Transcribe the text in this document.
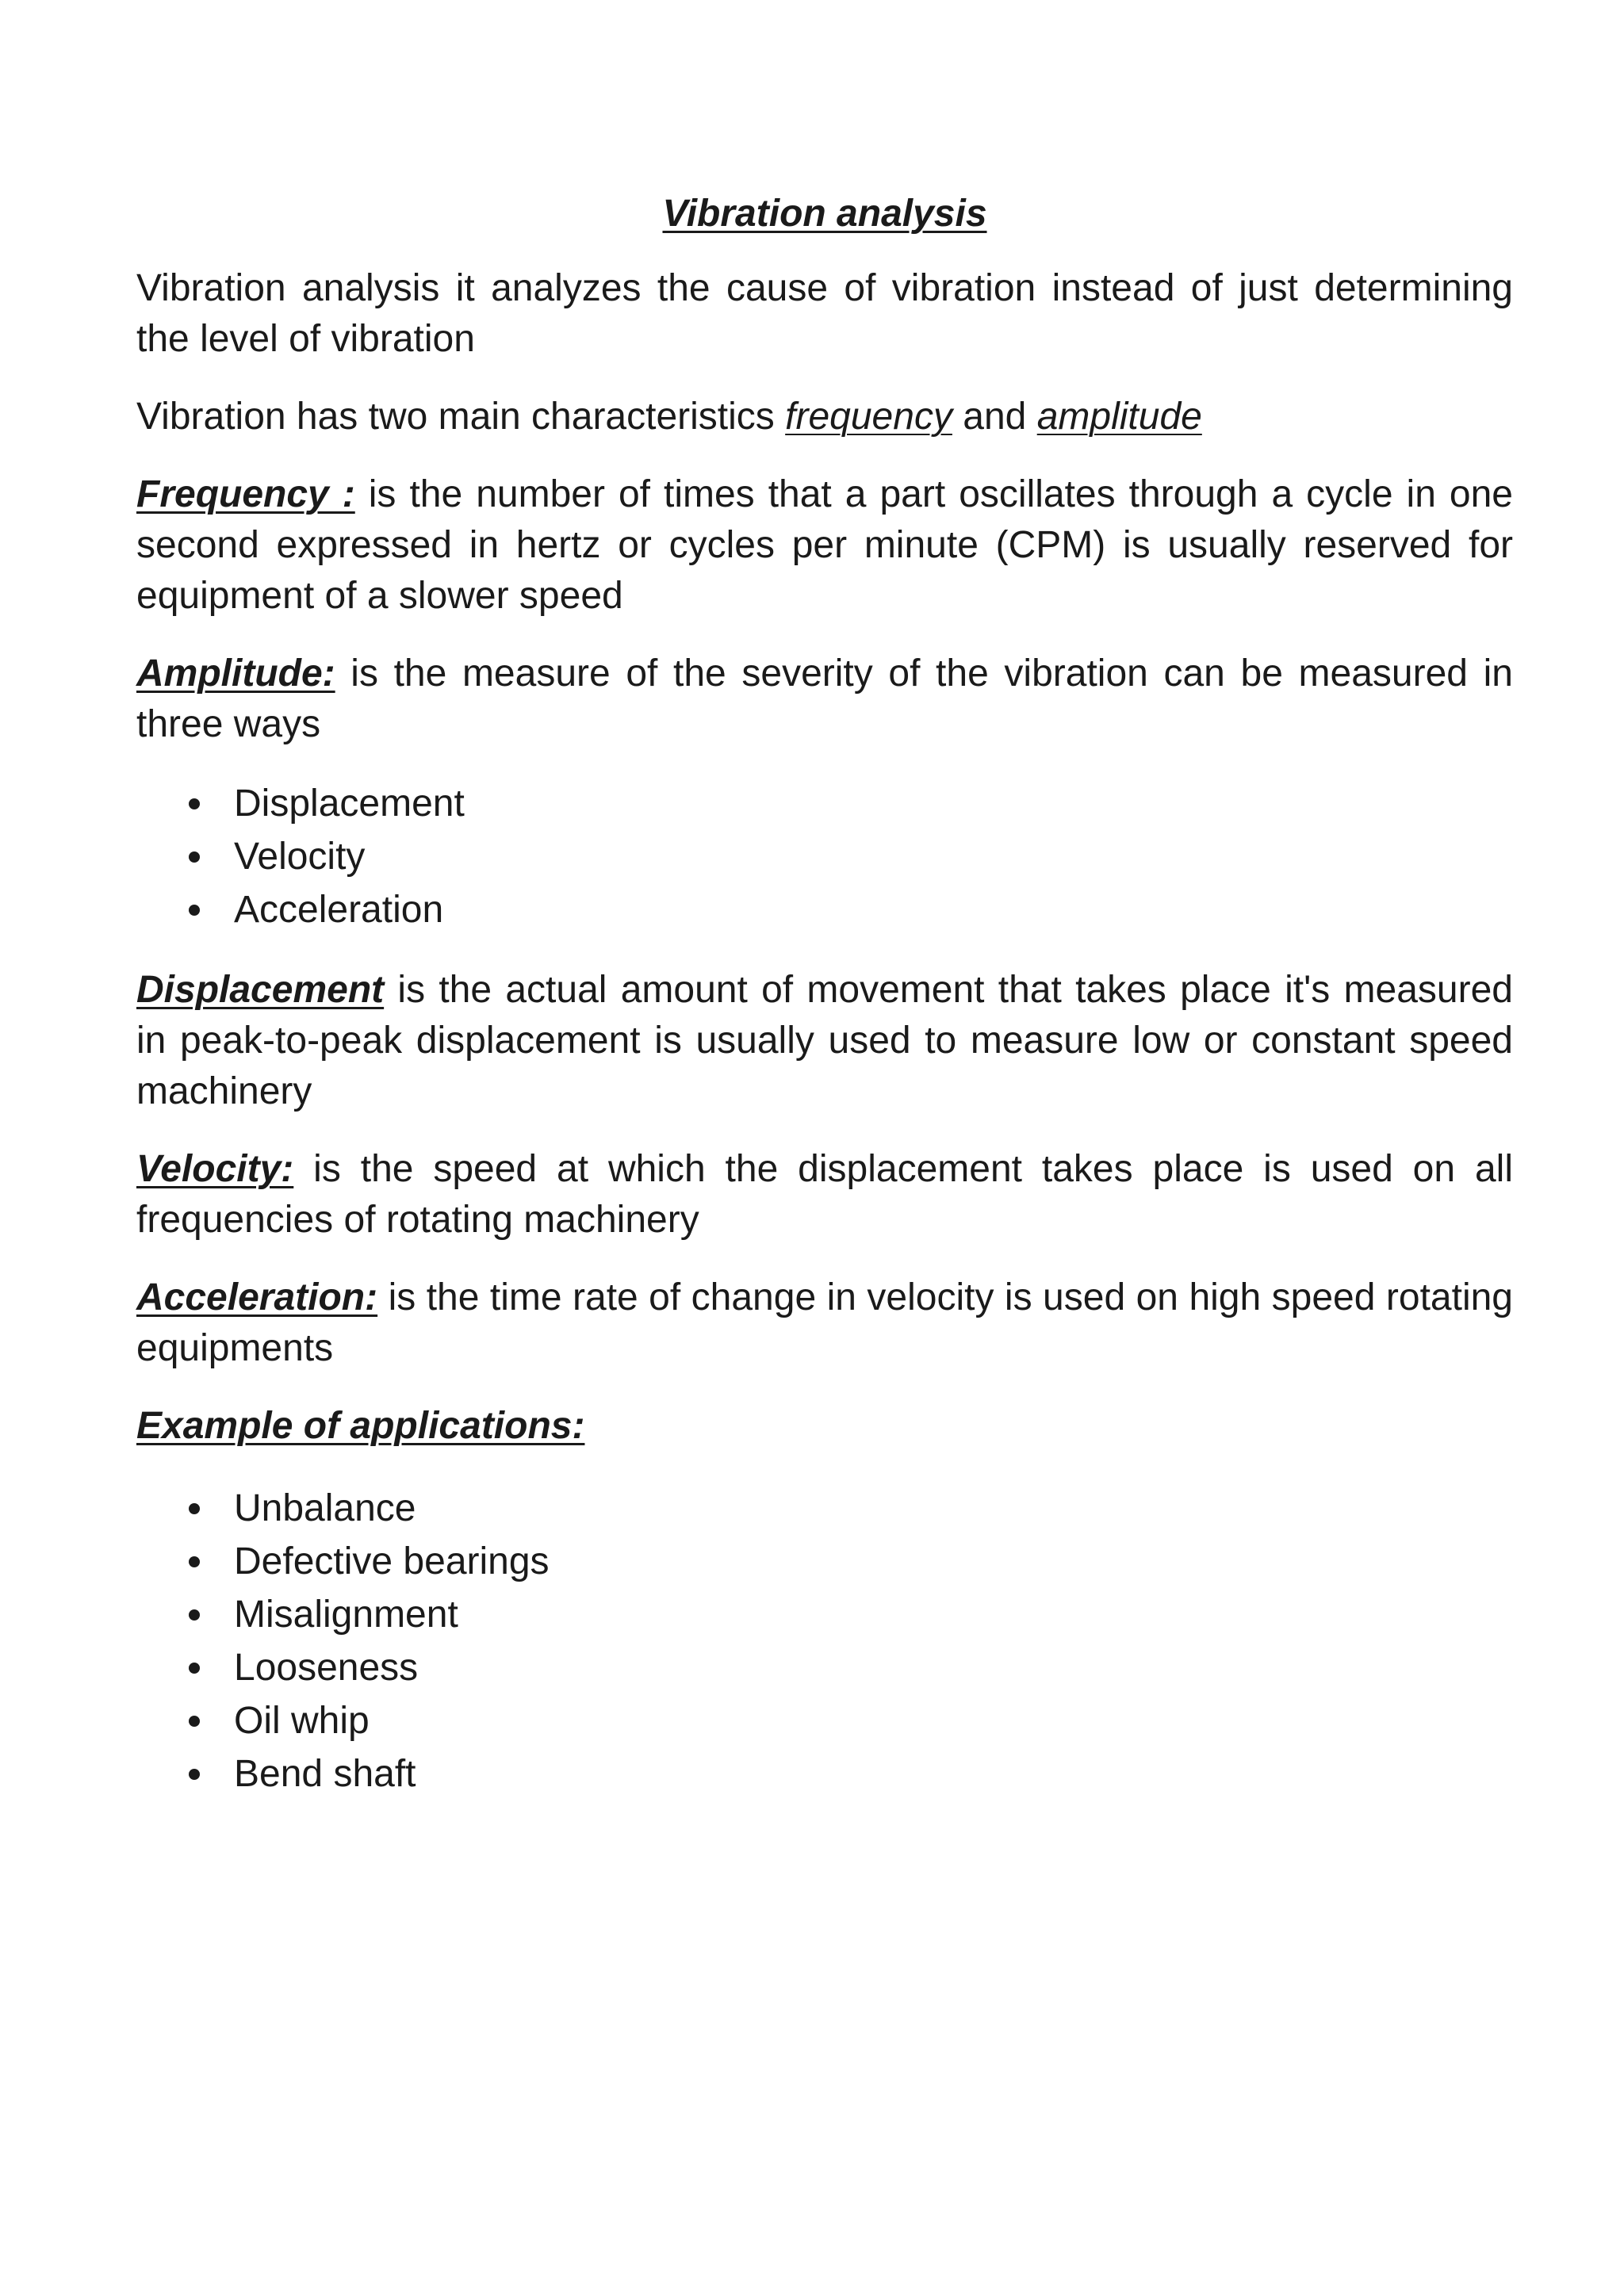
Vibration analysis

Vibration analysis it analyzes the cause of vibration instead of just determining the level of vibration

Vibration has two main characteristics frequency and amplitude

Frequency : is the number of times that a part oscillates through a cycle in one second expressed in hertz or cycles per minute (CPM) is usually reserved for equipment of a slower speed

Amplitude: is the measure of the severity of the vibration can be measured in three ways

Displacement
Velocity
Acceleration

Displacement is the actual amount of movement that takes place it's measured in peak-to-peak displacement is usually used to measure low or constant speed machinery

Velocity: is the speed at which the displacement takes place is used on all frequencies of rotating machinery

Acceleration: is the time rate of change in velocity is used on high speed rotating equipments

Example of applications:
Unbalance
Defective bearings
Misalignment
Looseness
Oil whip
Bend shaft
